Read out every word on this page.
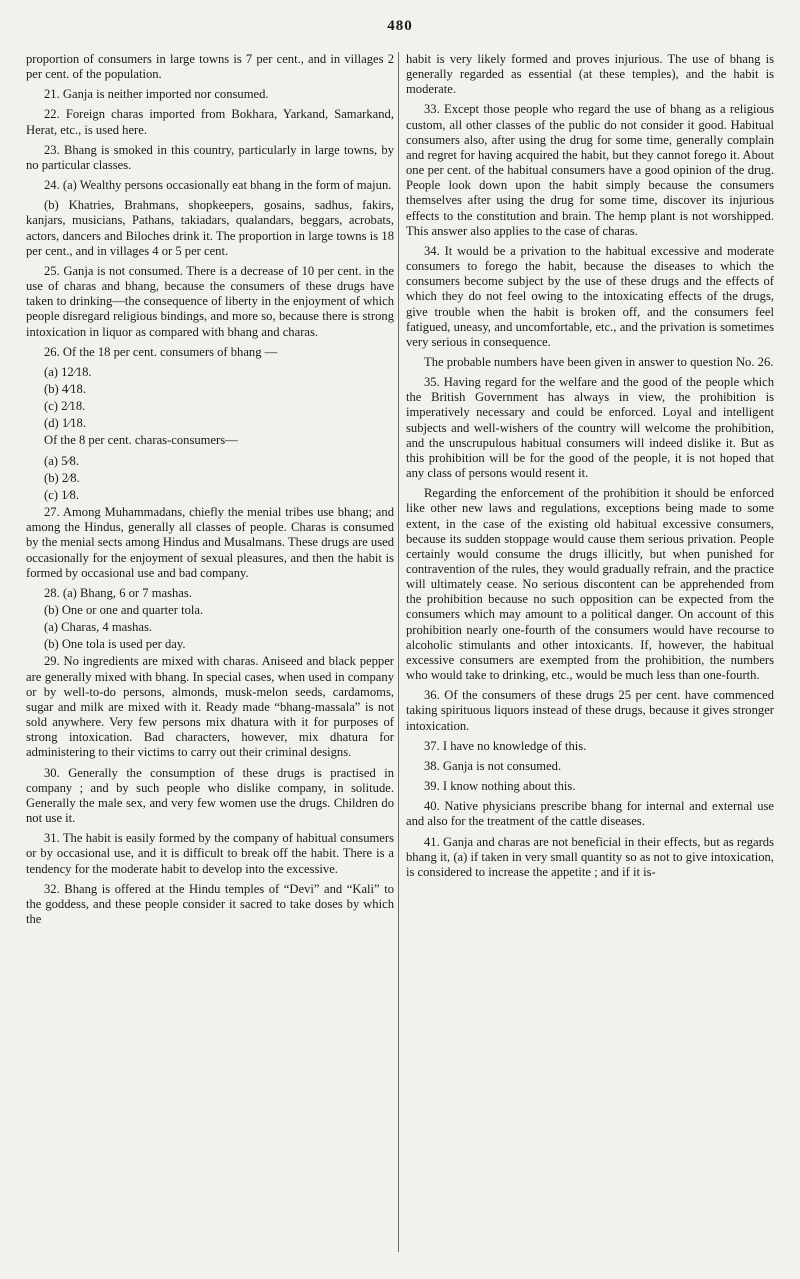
480

proportion of consumers in large towns is 7 per cent., and in villages 2 per cent. of the population.

21. Ganja is neither imported nor consumed.

22. Foreign charas imported from Bokhara, Yarkand, Samarkand, Herat, etc., is used here.

23. Bhang is smoked in this country, particularly in large towns, by no particular classes.

24. (a) Wealthy persons occasionally eat bhang in the form of majun.

(b) Khatries, Brahmans, shopkeepers, gosains, sadhus, fakirs, kanjars, musicians, Pathans, takiadars, qualandars, beggars, acrobats, actors, dancers and Biloches drink it. The proportion in large towns is 18 per cent., and in villages 4 or 5 per cent.

25. Ganja is not consumed. There is a decrease of 10 per cent. in the use of charas and bhang, because the consumers of these drugs have taken to drinking—the consequence of liberty in the enjoyment of which people disregard religious bindings, and more so, because there is strong intoxication in liquor as compared with bhang and charas.

26. Of the 18 per cent. consumers of bhang —

(a) 12⁄18.

(b) 4⁄18.

(c) 2⁄18.

(d) 1⁄18.

Of the 8 per cent. charas-consumers—

(a) 5⁄8.

(b) 2⁄8.

(c) 1⁄8.

27. Among Muhammadans, chiefly the menial tribes use bhang; and among the Hindus, generally all classes of people. Charas is consumed by the menial sects among Hindus and Musalmans. These drugs are used occasionally for the enjoyment of sexual pleasures, and then the habit is formed by occasional use and bad company.

28. (a) Bhang, 6 or 7 mashas.

(b) One or one and quarter tola.

(a) Charas, 4 mashas.

(b) One tola is used per day.

29. No ingredients are mixed with charas. Aniseed and black pepper are generally mixed with bhang. In special cases, when used in company or by well-to-do persons, almonds, musk-melon seeds, cardamoms, sugar and milk are mixed with it. Ready made “bhang-massala” is not sold anywhere. Very few persons mix dhatura with it for purposes of strong intoxication. Bad characters, however, mix dhatura for administering to their victims to carry out their criminal designs.

30. Generally the consumption of these drugs is practised in company ; and by such people who dislike company, in solitude. Generally the male sex, and very few women use the drugs. Children do not use it.

31. The habit is easily formed by the company of habitual consumers or by occasional use, and it is difficult to break off the habit. There is a tendency for the moderate habit to develop into the excessive.

32. Bhang is offered at the Hindu temples of “Devi” and “Kali” to the goddess, and these people consider it sacred to take doses by which the

habit is very likely formed and proves injurious. The use of bhang is generally regarded as essential (at these temples), and the habit is moderate.

33. Except those people who regard the use of bhang as a religious custom, all other classes of the public do not consider it good. Habitual consumers also, after using the drug for some time, generally complain and regret for having acquired the habit, but they cannot forego it. About one per cent. of the habitual consumers have a good opinion of the drug. People look down upon the habit simply because the consumers themselves after using the drug for some time, discover its injurious effects to the constitution and brain. The hemp plant is not worshipped. This answer also applies to the case of charas.

34. It would be a privation to the habitual excessive and moderate consumers to forego the habit, because the diseases to which the consumers become subject by the use of these drugs and the effects of which they do not feel owing to the intoxicating effects of the drugs, give trouble when the habit is broken off, and the consumers feel fatigued, uneasy, and uncomfortable, etc., and the privation is sometimes very serious in consequence.

The probable numbers have been given in answer to question No. 26.

35. Having regard for the welfare and the good of the people which the British Government has always in view, the prohibition is imperatively necessary and could be enforced. Loyal and intelligent subjects and well-wishers of the country will welcome the prohibition, and the unscrupulous habitual consumers will indeed dislike it. But as this prohibition will be for the good of the people, it is not hoped that any class of persons would resent it.

Regarding the enforcement of the prohibition it should be enforced like other new laws and regulations, exceptions being made to some extent, in the case of the existing old habitual excessive consumers, because its sudden stoppage would cause them serious privation. People certainly would consume the drugs illicitly, but when punished for contravention of the rules, they would gradually refrain, and the practice will ultimately cease. No serious discontent can be apprehended from the prohibition because no such opposition can be expected from the consumers which may amount to a political danger. On account of this prohibition nearly one-fourth of the consumers would have recourse to alcoholic stimulants and other intoxicants. If, however, the habitual excessive consumers are exempted from the prohibition, the numbers who would take to drinking, etc., would be much less than one-fourth.

36. Of the consumers of these drugs 25 per cent. have commenced taking spirituous liquors instead of these drugs, because it gives stronger intoxication.

37. I have no knowledge of this.

38. Ganja is not consumed.

39. I know nothing about this.

40. Native physicians prescribe bhang for internal and external use and also for the treatment of the cattle diseases.

41. Ganja and charas are not beneficial in their effects, but as regards bhang it, (a) if taken in very small quantity so as not to give intoxication, is considered to increase the appetite ; and if it is-
